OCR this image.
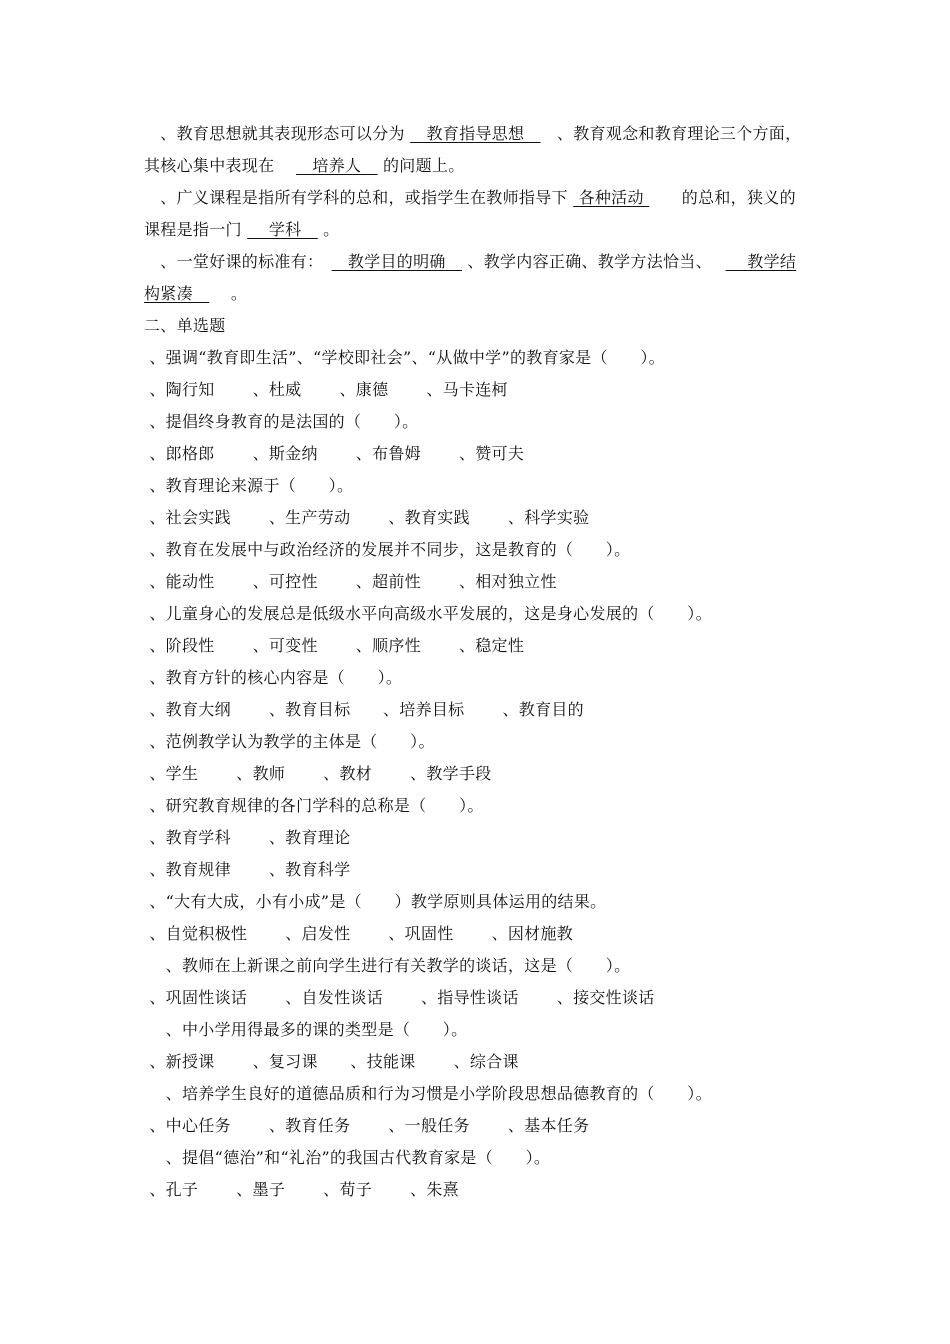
　、教育思想就其表现形态可以分为 　教育指导思想　　、教育观念和教育理论三个方面，
其核心集中表现在　 　培养人　 的问题上。
　、广义课程是指所有学科的总和，或指学生在教师指导下  各种活动 　　的总和，狭义的
课程是指一门  　学科　 。
　、一堂好课的标准有：　　教学目的明确　 、教学内容正确、教学方法恰当、　  　教学结
构紧凑　　 。
二、单选题
、强调“教育即生活”、“学校即社会”、“从做中学”的教育家是（　　）。
、陶行知　　 、杜威　　 、康德　　 、马卡连柯
、提倡终身教育的是法国的（　　）。
、郎格郎　　 、斯金纳　　 、布鲁姆　　 、赞可夫
、教育理论来源于（　　）。
、社会实践　　 、生产劳动　　 、教育实践　　 、科学实验
、教育在发展中与政治经济的发展并不同步，这是教育的（　　）。
、能动性　　 、可控性　　 、超前性　　 、相对独立性
、儿童身心的发展总是低级水平向高级水平发展的，这是身心发展的（　　）。
、阶段性　　 、可变性　　 、顺序性　　 、稳定性
、教育方针的核心内容是（　　）。
、教育大纲　　 、教育目标　　、培养目标　　 、教育目的
、范例教学认为教学的主体是（　　）。
、学生　　 、教师　　 、教材　　 、教学手段
、研究教育规律的各门学科的总称是（　　）。
、教育学科　　 、教育理论
、教育规律　　 、教育科学
、“大有大成，小有小成”是（　　）教学原则具体运用的结果。
、自觉积极性　　 、启发性　　 、巩固性　　 、因材施教
　、教师在上新课之前向学生进行有关教学的谈话，这是（　　）。
、巩固性谈话　　 、自发性谈话　　 、指导性谈话　　 、接交性谈话
　、中小学用得最多的课的类型是（　　）。
、新授课　　 、复习课　　、技能课　　 、综合课
　、培养学生良好的道德品质和行为习惯是小学阶段思想品德教育的（　　）。
、中心任务　　 、教育任务　　 、一般任务　　 、基本任务
　、提倡“德治”和“礼治”的我国古代教育家是（　　）。
、孔子　　 、墨子　　 、荀子　　 、朱熹
